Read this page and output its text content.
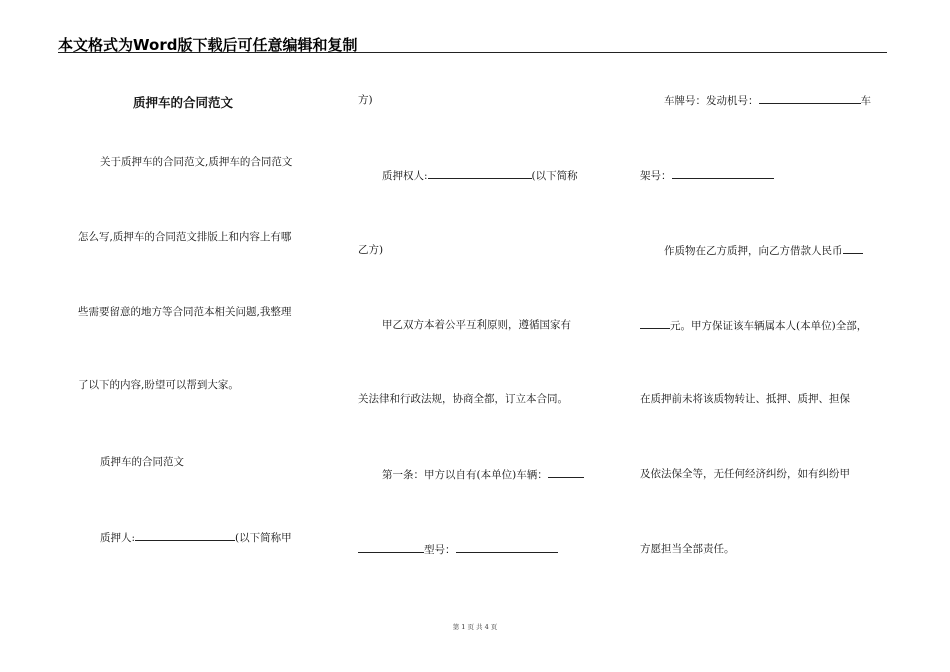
本文格式为Word版下载后可任意编辑和复制
质押车的合同范文
关于质押车的合同范文,质押车的合同范文
怎么写,质押车的合同范文排版上和内容上有哪
些需要留意的地方等合同范本相关问题,我整理
了以下的内容,盼望可以帮到大家。
质押车的合同范文
质押人:	(以下简称甲
方)
质押权人:	(以下简称
乙方)
甲乙双方本着公平互利原则，遵循国家有
关法律和行政法规，协商全都，订立本合同。
第一条：甲方以自有(本单位)车辆：
型号：
车牌号：发动机号：	车
架号：
作质物在乙方质押，向乙方借款人民币
元。甲方保证该车辆属本人(本单位)全部，
在质押前未将该质物转让、抵押、质押、担保
及依法保全等，无任何经济纠纷，如有纠纷甲
方愿担当全部责任。
第 1 页 共 4 页
